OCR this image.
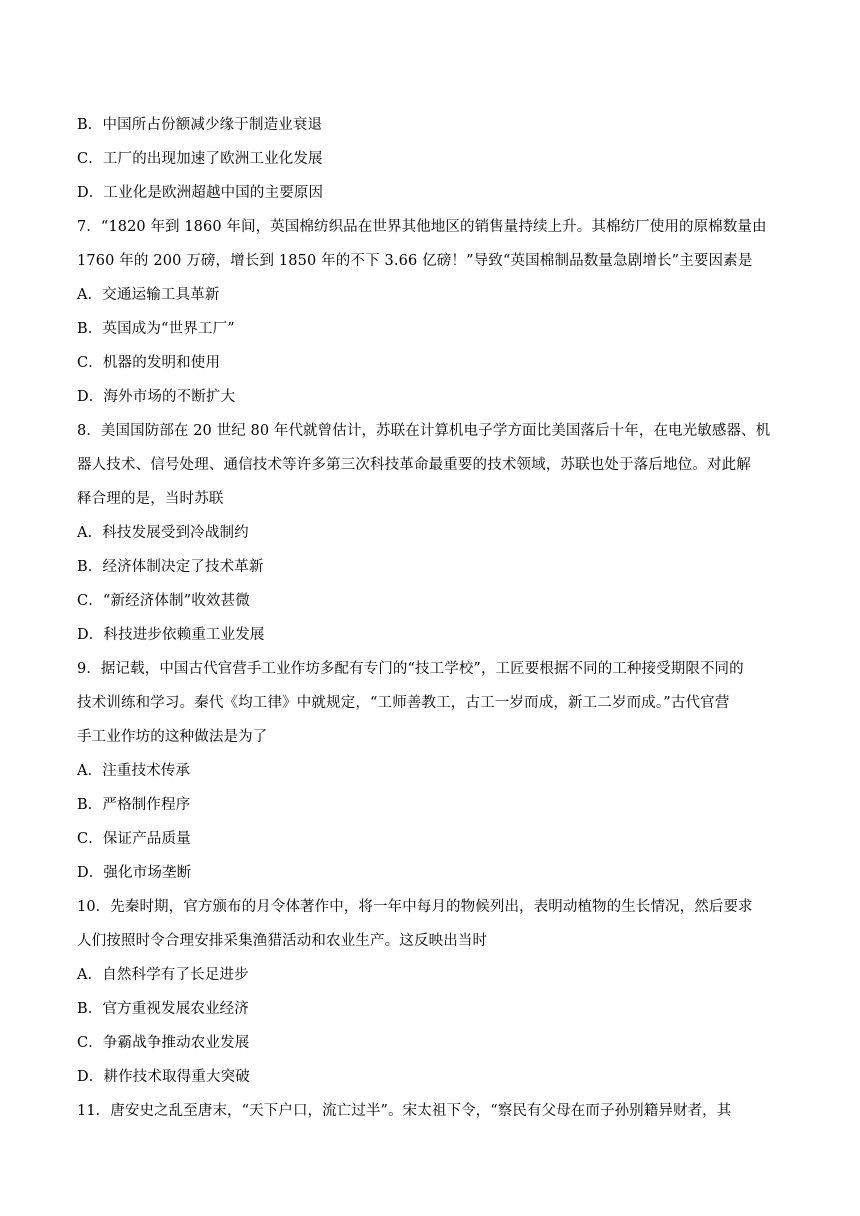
B．中国所占份额减少缘于制造业衰退
C．工厂的出现加速了欧洲工业化发展
D．工业化是欧洲超越中国的主要原因
7．“1820 年到 1860 年间，英国棉纺织品在世界其他地区的销售量持续上升。其棉纺厂使用的原棉数量由
1760 年的 200 万磅，增长到 1850 年的不下 3.66 亿磅！”导致“英国棉制品数量急剧增长”主要因素是
A．交通运输工具革新
B．英国成为“世界工厂”
C．机器的发明和使用
D．海外市场的不断扩大
8．美国国防部在 20 世纪 80 年代就曾估计，苏联在计算机电子学方面比美国落后十年，在电光敏感器、机
器人技术、信号处理、通信技术等许多第三次科技革命最重要的技术领域，苏联也处于落后地位。对此解
释合理的是，当时苏联
A．科技发展受到冷战制约
B．经济体制决定了技术革新
C．“新经济体制”收效甚微
D．科技进步依赖重工业发展
9．据记载，中国古代官营手工业作坊多配有专门的“技工学校”，工匠要根据不同的工种接受期限不同的
技术训练和学习。秦代《均工律》中就规定，“工师善教工，古工一岁而成，新工二岁而成。”古代官营
手工业作坊的这种做法是为了
A．注重技术传承
B．严格制作程序
C．保证产品质量
D．强化市场垄断
10．先秦时期，官方颁布的月令体著作中，将一年中每月的物候列出，表明动植物的生长情况，然后要求
人们按照时令合理安排采集渔猎活动和农业生产。这反映出当时
A．自然科学有了长足进步
B．官方重视发展农业经济
C．争霸战争推动农业发展
D．耕作技术取得重大突破
11．唐安史之乱至唐末，“天下户口，流亡过半”。宋太祖下令，“察民有父母在而子孙别籍异财者，其
